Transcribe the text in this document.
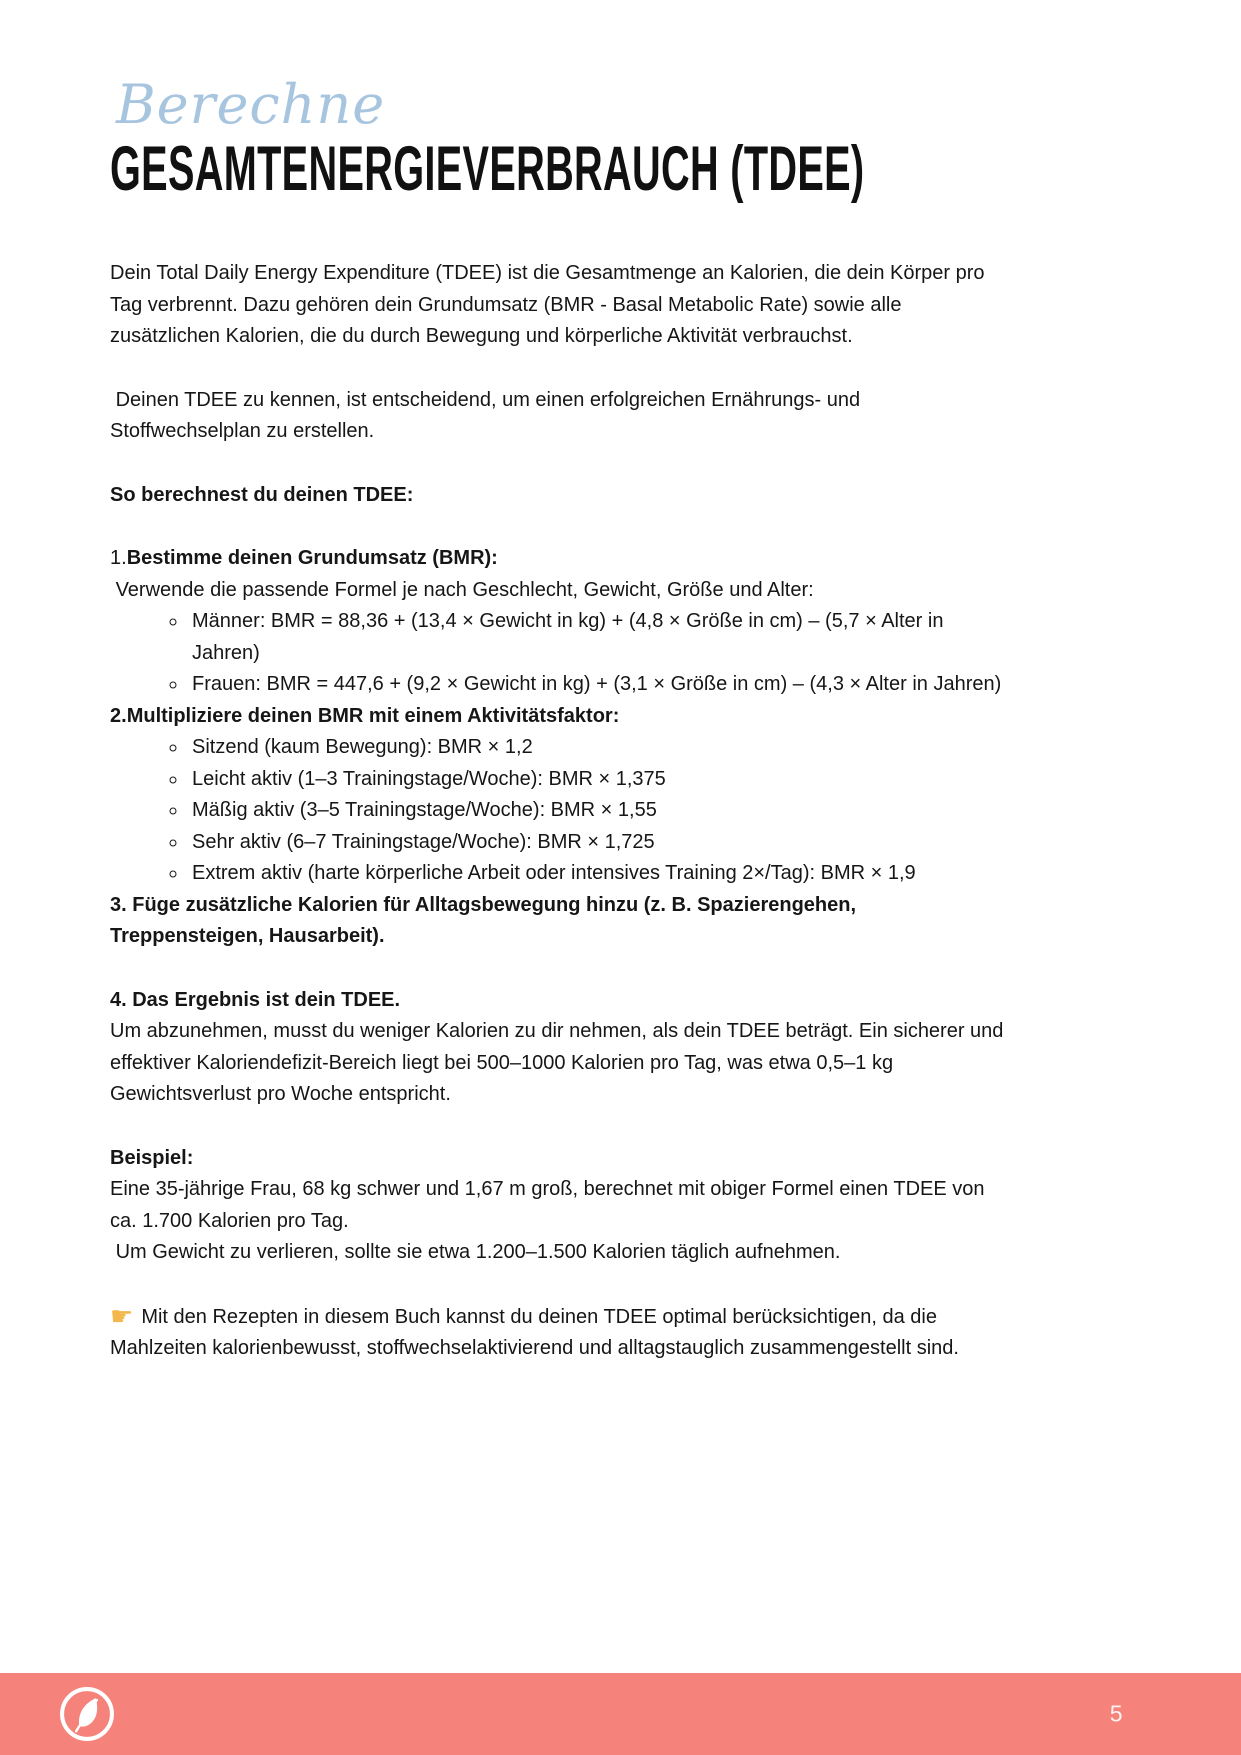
Berechne
GESAMTENERGIEVERBRAUCH (TDEE)

Dein Total Daily Energy Expenditure (TDEE) ist die Gesamtmenge an Kalorien, die dein Körper pro Tag verbrennt. Dazu gehören dein Grundumsatz (BMR - Basal Metabolic Rate) sowie alle zusätzlichen Kalorien, die du durch Bewegung und körperliche Aktivität verbrauchst.

Deinen TDEE zu kennen, ist entscheidend, um einen erfolgreichen Ernährungs- und Stoffwechselplan zu erstellen.

So berechnest du deinen TDEE:
1.Bestimme deinen Grundumsatz (BMR):

Verwende die passende Formel je nach Geschlecht, Gewicht, Größe und Alter:

◦ Männer: BMR = 88,36 + (13,4 × Gewicht in kg) + (4,8 × Größe in cm) – (5,7 × Alter in Jahren)
◦ Frauen: BMR = 447,6 + (9,2 × Gewicht in kg) + (3,1 × Größe in cm) – (4,3 × Alter in Jahren)
2.Multipliziere deinen BMR mit einem Aktivitätsfaktor:
◦ Sitzend (kaum Bewegung): BMR × 1,2
◦ Leicht aktiv (1–3 Trainingstage/Woche): BMR × 1,375
◦ Mäßig aktiv (3–5 Trainingstage/Woche): BMR × 1,55
◦ Sehr aktiv (6–7 Trainingstage/Woche): BMR × 1,725
◦ Extrem aktiv (harte körperliche Arbeit oder intensives Training 2×/Tag): BMR × 1,9

3. Füge zusätzliche Kalorien für Alltagsbewegung hinzu (z. B. Spazierengehen, Treppensteigen, Hausarbeit).

4. Das Ergebnis ist dein TDEE.

Um abzunehmen, musst du weniger Kalorien zu dir nehmen, als dein TDEE beträgt. Ein sicherer und effektiver Kaloriendefizit-Bereich liegt bei 500–1000 Kalorien pro Tag, was etwa 0,5–1 kg Gewichtsverlust pro Woche entspricht.

Beispiel:

Eine 35-jährige Frau, 68 kg schwer und 1,67 m groß, berechnet mit obiger Formel einen TDEE von ca. 1.700 Kalorien pro Tag.

Um Gewicht zu verlieren, sollte sie etwa 1.200–1.500 Kalorien täglich aufnehmen.

☛ Mit den Rezepten in diesem Buch kannst du deinen TDEE optimal berücksichtigen, da die Mahlzeiten kalorienbewusst, stoffwechselaktivierend und alltagstauglich zusammengestellt sind.

5
